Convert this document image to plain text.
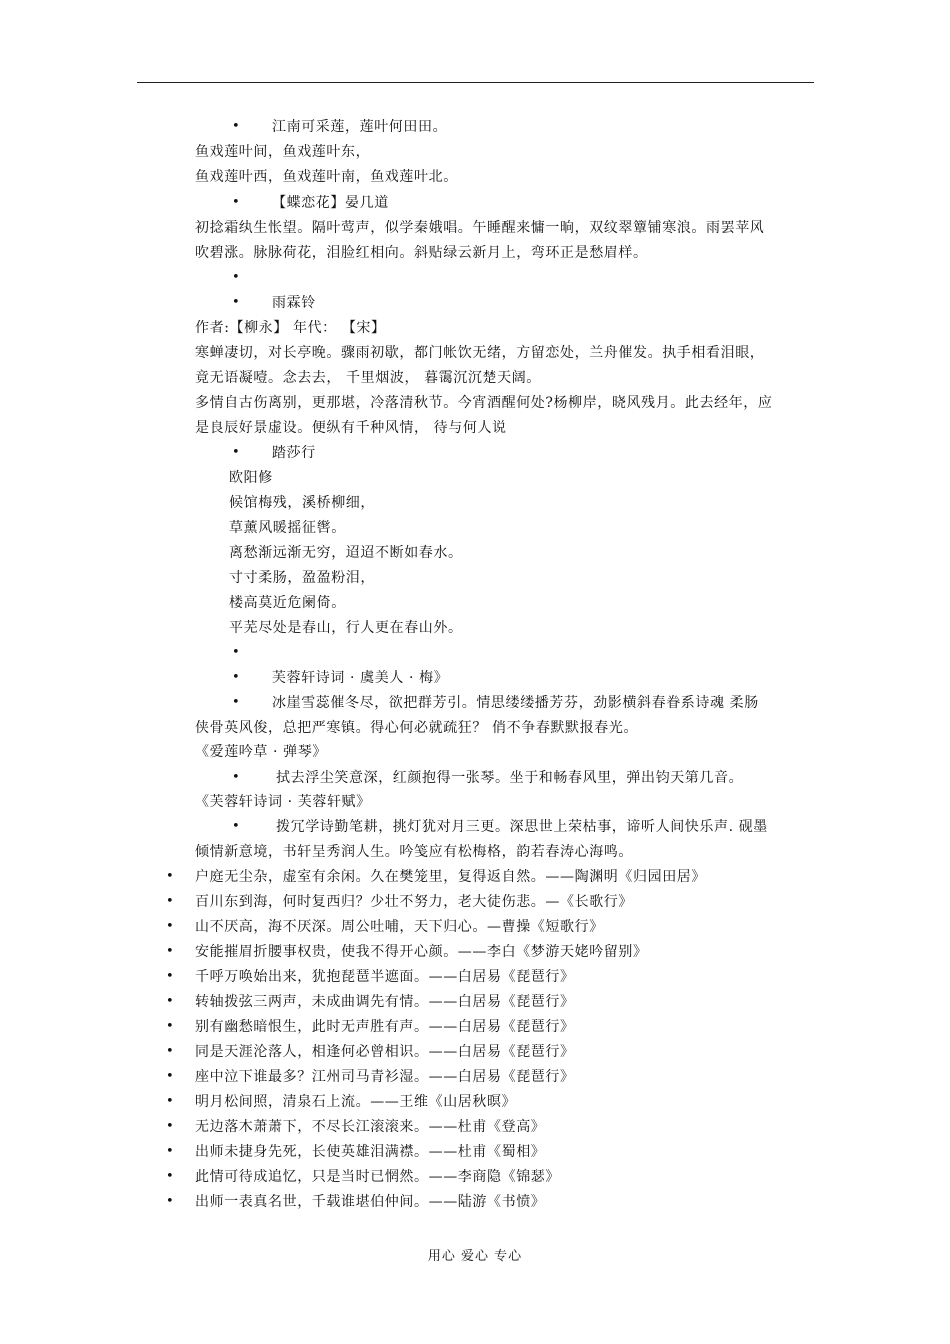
• 江南可采莲，莲叶何田田。
鱼戏莲叶间，鱼戏莲叶东，
鱼戏莲叶西，鱼戏莲叶南，鱼戏莲叶北。
• 【蝶恋花】晏几道
初捻霜纨生怅望。隔叶莺声，似学秦娥唱。午睡醒来慵一晌，双纹翠簟铺寒浪。雨罢苹风
吹碧涨。脉脉荷花，泪脸红相向。斜贴绿云新月上，弯环正是愁眉样。
•
• 雨霖铃
作者:【柳永】 年代： 【宋】
寒蝉凄切，对长亭晚。骤雨初歇，都门帐饮无绪，方留恋处，兰舟催发。执手相看泪眼，
竟无语凝噎。念去去， 千里烟波， 暮霭沉沉楚天阔。
多情自古伤离别，更那堪，冷落清秋节。今宵酒醒何处?杨柳岸，晓风残月。此去经年，应
是良辰好景虚设。便纵有千种风情， 待与何人说
• 踏莎行
欧阳修
候馆梅残，溪桥柳细，
草薰风暖摇征辔。
离愁渐远渐无穷，迢迢不断如春水。
寸寸柔肠，盈盈粉泪，
楼高莫近危阑倚。
平芜尽处是春山，行人更在春山外。
•
• 芙蓉轩诗词 · 虞美人 · 梅》
• 冰崖雪蕊催冬尽，欲把群芳引。情思缕缕播芳芬，劲影横斜春眷系诗魂 柔肠
侠骨英风俊，总把严寒镇。得心何必就疏狂？ 俏不争春默默报春光。
《爱莲吟草 · 弹琴》
•	拭去浮尘笑意深，红颜抱得一张琴。坐于和畅春风里，弹出钧天第几音。
《芙蓉轩诗词 · 芙蓉轩赋》
•	拨冗学诗勤笔耕，挑灯犹对月三更。深思世上荣枯事，谛听人间快乐声. 砚墨
倾情新意境，书轩呈秀润人生。吟笺应有松梅格，韵若春涛心海鸣。
• 户庭无尘杂，虚室有余闲。久在樊笼里，复得返自然。——陶渊明《归园田居》
• 百川东到海，何时复西归？少壮不努力，老大徒伤悲。—《长歌行》
• 山不厌高，海不厌深。周公吐哺，天下归心。—曹操《短歌行》
• 安能摧眉折腰事权贵，使我不得开心颜。——李白《梦游天姥吟留别》
• 千呼万唤始出来，犹抱琵琶半遮面。——白居易《琵琶行》
• 转轴拨弦三两声，未成曲调先有情。——白居易《琵琶行》
• 别有幽愁暗恨生，此时无声胜有声。——白居易《琵琶行》
• 同是天涯沦落人，相逢何必曾相识。——白居易《琵琶行》
• 座中泣下谁最多？江州司马青衫湿。——白居易《琵琶行》
• 明月松间照，清泉石上流。——王维《山居秋暝》
• 无边落木萧萧下，不尽长江滚滚来。——杜甫《登高》
• 出师未捷身先死，长使英雄泪满襟。——杜甫《蜀相》
• 此情可待成追忆，只是当时已惘然。——李商隐《锦瑟》
• 出师一表真名世，千载谁堪伯仲间。——陆游《书愤》
用心 爱心 专心
